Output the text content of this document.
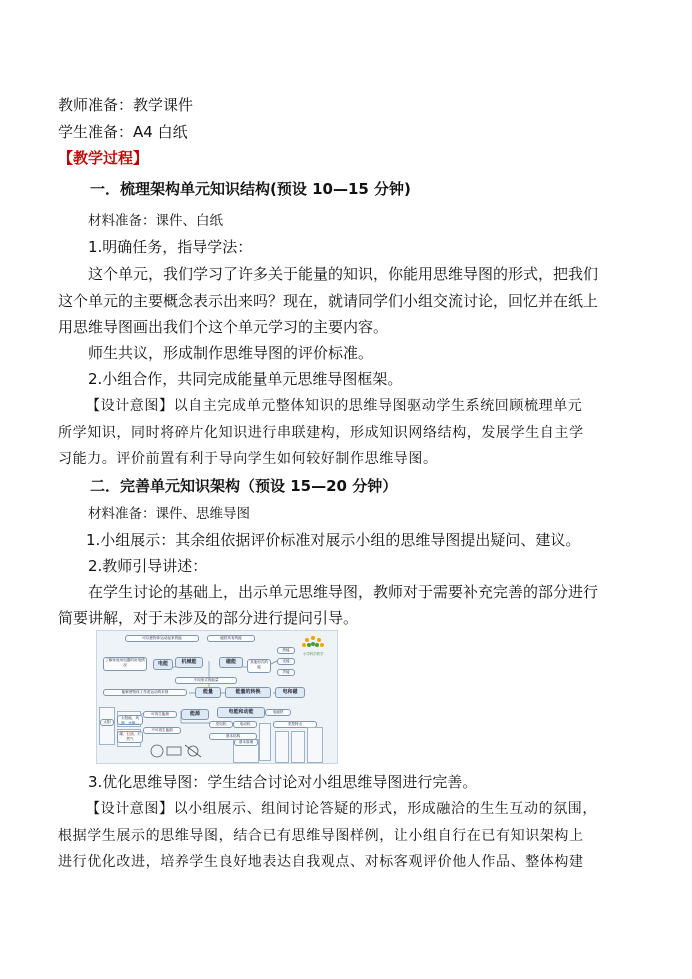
教师准备：教学课件
学生准备：A4 白纸
【教学过程】
一．梳理架构单元知识结构(预设 10—15 分钟)
材料准备：课件、白纸
1.明确任务，指导学法：
这个单元，我们学习了许多关于能量的知识，你能用思维导图的形式，把我们
这个单元的主要概念表示出来吗？现在，就请同学们小组交流讨论，回忆并在纸上
用思维导图画出我们个这个单元学习的主要内容。
师生共议，形成制作思维导图的评价标准。
2.小组合作，共同完成能量单元思维导图框架。
【设计意图】以自主完成单元整体知识的思维导图驱动学生系统回顾梳理单元
所学知识，同时将碎片化知识进行串联建构，形成知识网络结构，发展学生自主学
习能力。评价前置有利于导向学生如何较好制作思维导图。
二．完善单元知识架构（预设 15—20 分钟）
材料准备：课件、思维导图
1.小组展示：其余组依据评价标准对展示小组的思维导图提出疑问、建议。
2.教师引导讲述：
在学生讨论的基础上，出示单元思维导图，教师对于需要补充完善的部分进行
简要讲解，对于未涉及的部分进行提问引导。
可以使物体运动起来的能	磁铁具有的能
电能	机械能	磁能	其他形式的能
热能
光能
声能
了解家庭用电器的用电情况
不同形式的能量
能够使物体工作或运动的本领	能量	能量的转换	电和磁
太阳
电能和动能	电磁铁
能源
不可再生能源
可再生能源
发电机	电动机
基本结构
基本原理
类型特点
太阳能、风能、水能...
煤、石油、天然气
小学科学教学
3.优化思维导图：学生结合讨论对小组思维导图进行完善。
【设计意图】以小组展示、组间讨论答疑的形式，形成融洽的生生互动的氛围，
根据学生展示的思维导图，结合已有思维导图样例，让小组自行在已有知识架构上
进行优化改进，培养学生良好地表达自我观点、对标客观评价他人作品、整体构建
